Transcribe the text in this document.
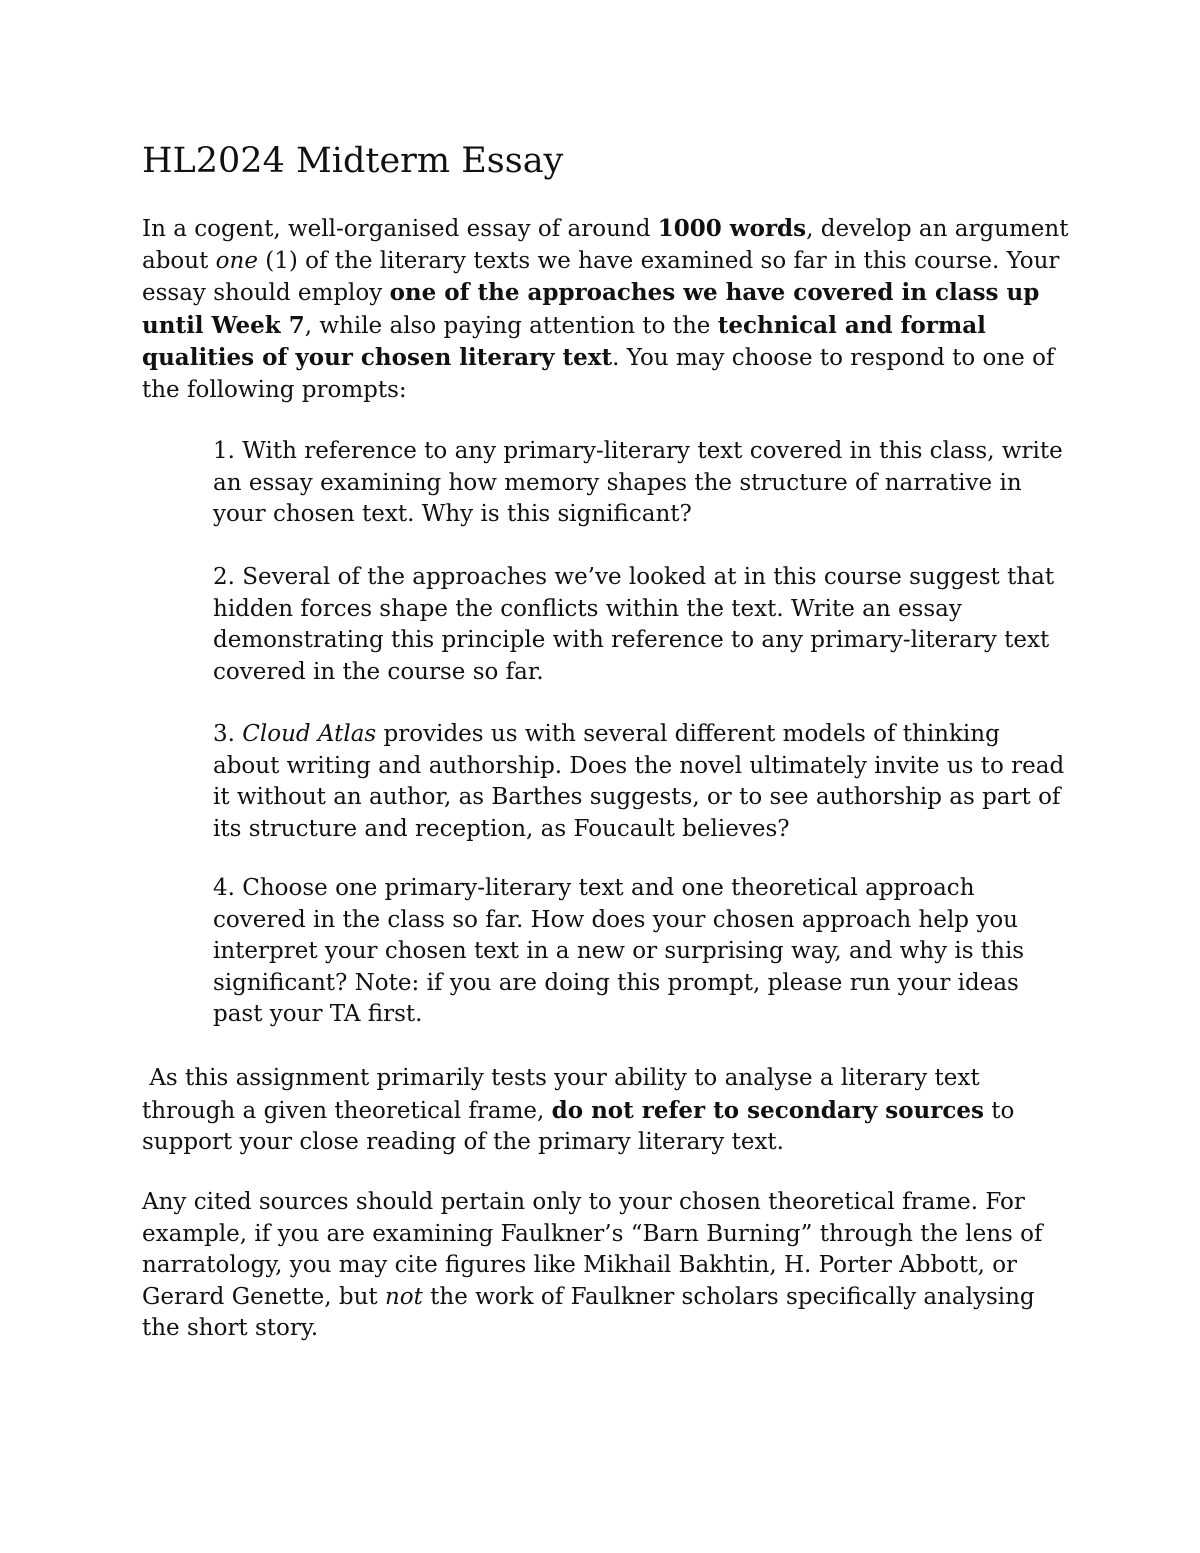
HL2024 Midterm Essay

In a cogent, well-organised essay of around 1000 words, develop an argument about one (1) of the literary texts we have examined so far in this course. Your essay should employ one of the approaches we have covered in class up until Week 7, while also paying attention to the technical and formal qualities of your chosen literary text. You may choose to respond to one of the following prompts:

1. With reference to any primary-literary text covered in this class, write an essay examining how memory shapes the structure of narrative in your chosen text. Why is this significant?

2. Several of the approaches we’ve looked at in this course suggest that hidden forces shape the conflicts within the text. Write an essay demonstrating this principle with reference to any primary-literary text covered in the course so far.

3. Cloud Atlas provides us with several different models of thinking about writing and authorship. Does the novel ultimately invite us to read it without an author, as Barthes suggests, or to see authorship as part of its structure and reception, as Foucault believes?

4. Choose one primary-literary text and one theoretical approach covered in the class so far. How does your chosen approach help you interpret your chosen text in a new or surprising way, and why is this significant? Note: if you are doing this prompt, please run your ideas past your TA first.

As this assignment primarily tests your ability to analyse a literary text through a given theoretical frame, do not refer to secondary sources to support your close reading of the primary literary text.

Any cited sources should pertain only to your chosen theoretical frame. For example, if you are examining Faulkner’s “Barn Burning” through the lens of narratology, you may cite figures like Mikhail Bakhtin, H. Porter Abbott, or Gerard Genette, but not the work of Faulkner scholars specifically analysing the short story.
